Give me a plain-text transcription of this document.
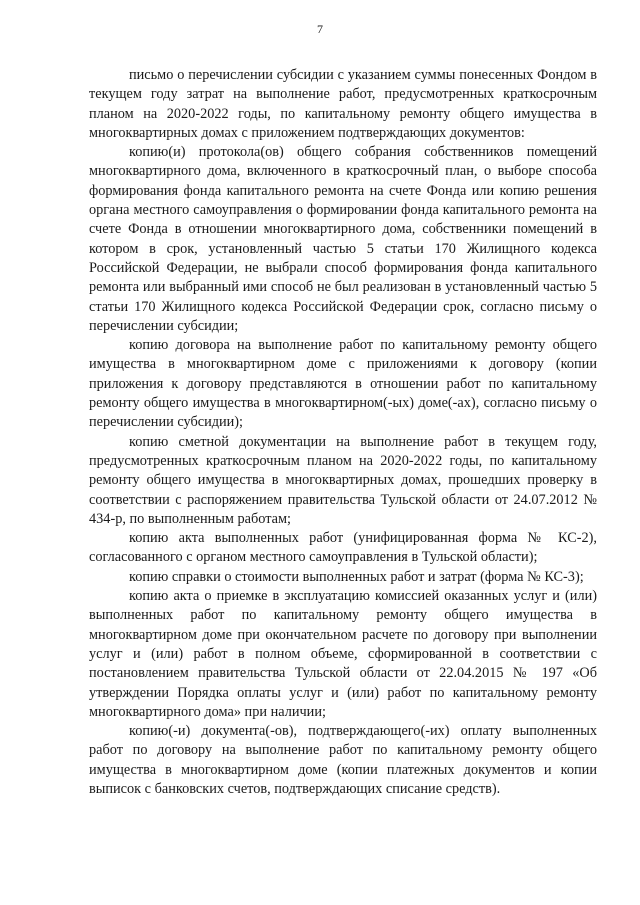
7

письмо о перечислении субсидии с указанием суммы понесенных Фондом в текущем году затрат на выполнение работ, предусмотренных краткосрочным планом на 2020-2022 годы, по капитальному ремонту общего имущества в многоквартирных домах с приложением подтверждающих документов:

копию(и) протокола(ов) общего собрания собственников помещений многоквартирного дома, включенного в краткосрочный план, о выборе способа формирования фонда капитального ремонта на счете Фонда или копию решения органа местного самоуправления о формировании фонда капитального ремонта на счете Фонда в отношении многоквартирного дома, собственники помещений в котором в срок, установленный частью 5 статьи 170 Жилищного кодекса Российской Федерации, не выбрали способ формирования фонда капитального ремонта или выбранный ими способ не был реализован в установленный частью 5 статьи 170 Жилищного кодекса Российской Федерации срок, согласно письму о перечислении субсидии;

копию договора на выполнение работ по капитальному ремонту общего имущества в многоквартирном доме с приложениями к договору (копии приложения к договору представляются в отношении работ по капитальному ремонту общего имущества в многоквартирном(-ых) доме(-ах), согласно письму о перечислении субсидии);

копию сметной документации на выполнение работ в текущем году, предусмотренных краткосрочным планом на 2020-2022 годы, по капитальному ремонту общего имущества в многоквартирных домах, прошедших проверку в соответствии с распоряжением правительства Тульской области от 24.07.2012 № 434-р, по выполненным работам;

копию акта выполненных работ (унифицированная форма № КС-2), согласованного с органом местного самоуправления в Тульской области);

копию справки о стоимости выполненных работ и затрат (форма № КС-3);

копию акта о приемке в эксплуатацию комиссией оказанных услуг и (или) выполненных работ по капитальному ремонту общего имущества в многоквартирном доме при окончательном расчете по договору при выполнении услуг и (или) работ в полном объеме, сформированной в соответствии с постановлением правительства Тульской области от 22.04.2015 № 197 «Об утверждении Порядка оплаты услуг и (или) работ по капитальному ремонту многоквартирного дома» при наличии;

копию(-и) документа(-ов), подтверждающего(-их) оплату выполненных работ по договору на выполнение работ по капитальному ремонту общего имущества в многоквартирном доме (копии платежных документов и копии выписок с банковских счетов, подтверждающих списание средств).
